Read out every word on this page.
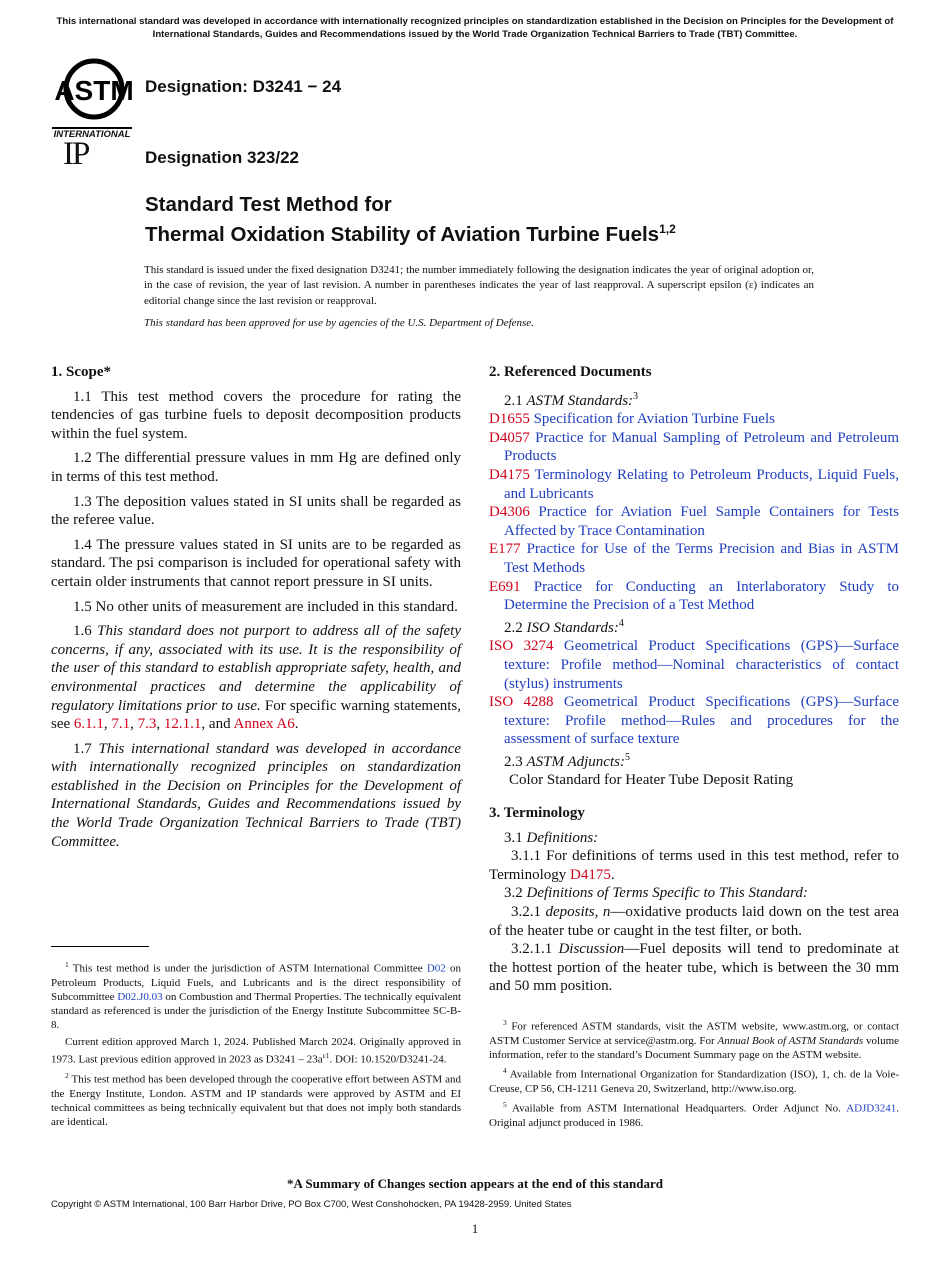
This international standard was developed in accordance with internationally recognized principles on standardization established in the Decision on Principles for the Development of International Standards, Guides and Recommendations issued by the World Trade Organization Technical Barriers to Trade (TBT) Committee.
ASTM
INTERNATIONAL
Designation: D3241 − 24
IP	Designation 323/22
Standard Test Method for
Thermal Oxidation Stability of Aviation Turbine Fuels$^{1,2}$
This standard is issued under the fixed designation D3241; the number immediately following the designation indicates the year of original adoption or, in the case of revision, the year of last revision. A number in parentheses indicates the year of last reapproval. A superscript epsilon (ε) indicates an editorial change since the last revision or reapproval.
This standard has been approved for use by agencies of the U.S. Department of Defense.

1. Scope*

1.1 This test method covers the procedure for rating the tendencies of gas turbine fuels to deposit decomposition products within the fuel system.

1.2 The differential pressure values in mm Hg are defined only in terms of this test method.

1.3 The deposition values stated in SI units shall be regarded as the referee value.

1.4 The pressure values stated in SI units are to be regarded as standard. The psi comparison is included for operational safety with certain older instruments that cannot report pressure in SI units.

1.5 No other units of measurement are included in this standard.

1.6 This standard does not purport to address all of the safety concerns, if any, associated with its use. It is the responsibility of the user of this standard to establish appropriate safety, health, and environmental practices and determine the applicability of regulatory limitations prior to use. For specific warning statements, see 6.1.1, 7.1, 7.3, 12.1.1, and Annex A6.

1.7 This international standard was developed in accordance with internationally recognized principles on standardization established in the Decision on Principles for the Development of International Standards, Guides and Recommendations issued by the World Trade Organization Technical Barriers to Trade (TBT) Committee.

$^1$ This test method is under the jurisdiction of ASTM International Committee D02 on Petroleum Products, Liquid Fuels, and Lubricants and is the direct responsibility of Subcommittee D02.J0.03 on Combustion and Thermal Properties. The technically equivalent standard as referenced is under the jurisdiction of the Energy Institute Subcommittee SC-B-8.

Current edition approved March 1, 2024. Published March 2024. Originally approved in 1973. Last previous edition approved in 2023 as $D3241 - 23a^{\varepsilon 1}$. DOI: 10.1520/D3241-24.

$^2$ This test method has been developed through the cooperative effort between ASTM and the Energy Institute, London. ASTM and IP standards were approved by ASTM and EI technical committees as being technically equivalent but that does not imply both standards are identical.

2. Referenced Documents

2.1 ASTM Standards:$^3$

D1655 Specification for Aviation Turbine Fuels

D4057 Practice for Manual Sampling of Petroleum and Petroleum Products

D4175 Terminology Relating to Petroleum Products, Liquid Fuels, and Lubricants

D4306 Practice for Aviation Fuel Sample Containers for Tests Affected by Trace Contamination

E177 Practice for Use of the Terms Precision and Bias in ASTM Test Methods

E691 Practice for Conducting an Interlaboratory Study to Determine the Precision of a Test Method

2.2 ISO Standards:$^4$

ISO 3274 Geometrical Product Specifications (GPS)—Surface texture: Profile method—Nominal characteristics of contact (stylus) instruments

ISO 4288 Geometrical Product Specifications (GPS)—Surface texture: Profile method—Rules and procedures for the assessment of surface texture

2.3 ASTM Adjuncts:$^5$

Color Standard for Heater Tube Deposit Rating

3. Terminology

3.1 Definitions:

3.1.1 For definitions of terms used in this test method, refer to Terminology D4175.

3.2 Definitions of Terms Specific to This Standard:

3.2.1 deposits, n—oxidative products laid down on the test area of the heater tube or caught in the test filter, or both.

3.2.1.1 Discussion—Fuel deposits will tend to predominate at the hottest portion of the heater tube, which is between the 30 mm and 50 mm position.

$^3$ For referenced ASTM standards, visit the ASTM website, www.astm.org, or contact ASTM Customer Service at service@astm.org. For Annual Book of ASTM Standards volume information, refer to the standard’s Document Summary page on the ASTM website.

$^4$ Available from International Organization for Standardization (ISO), 1, ch. de la Voie-Creuse, CP 56, CH-1211 Geneva 20, Switzerland, http://www.iso.org.

$^5$ Available from ASTM International Headquarters. Order Adjunct No. ADJD3241. Original adjunct produced in 1986.

*A Summary of Changes section appears at the end of this standard
Copyright © ASTM International, 100 Barr Harbor Drive, PO Box C700, West Conshohocken, PA 19428-2959. United States
1
